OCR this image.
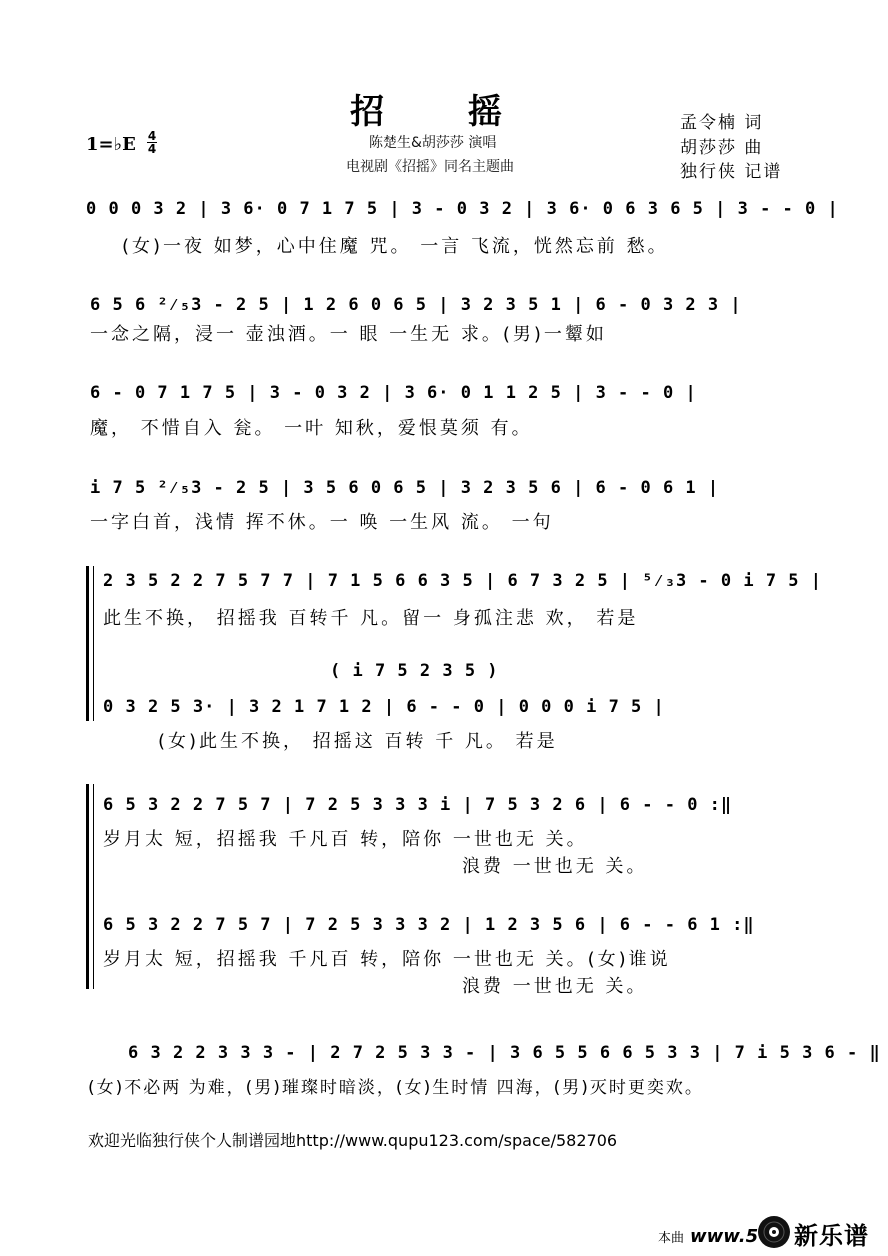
招 摇
陈楚生&胡莎莎 演唱
电视剧《招摇》同名主题曲
孟令楠 词
胡莎莎 曲
独行侠 记谱
1=♭E 4
4
0 0 0 3 2 | 3 6· 0 7 1 7 5 | 3 - 0 3 2 | 3 6· 0 6 3 6 5 | 3 - - 0 |
(女)一夜 如梦，心中住魔 咒。 一言 飞流，恍然忘前 愁。
6 5 6 ²⁄₅3 - 2 5 | 1 2 6 0 6 5 | 3 2 3 5 1 | 6 - 0 3 2 3 |
一念之隔，浸一 壶浊酒。一 眼 一生无 求。(男)一颦如
6 - 0 7 1 7 5 | 3 - 0 3 2 | 3 6· 0 1 1 2 5 | 3 - - 0 |
魔， 不惜自入 瓮。 一叶 知秋，爱恨莫须 有。
i 7 5 ²⁄₅3 - 2 5 | 3 5 6 0 6 5 | 3 2 3 5 6 | 6 - 0 6 1 |
一字白首，浅情 挥不休。一 唤 一生风 流。 一句
2 3 5 2 2 7 5 7 7 | 7 1 5 6 6 3 5 | 6 7 3 2 5 | ⁵⁄₃3 - 0 i 7 5 |
此生不换， 招摇我 百转千 凡。留一 身孤注悲 欢， 若是
( i 7 5 2 3 5 )
0 3 2 5 3· | 3 2 1 7 1 2 | 6 - - 0 | 0 0 0 i 7 5 |
(女)此生不换， 招摇这 百转 千 凡。 若是
6 5 3 2 2 7 5 7 | 7 2 5 3 3 3 i | 7 5 3 2 6 | 6 - - 0 :‖
岁月太 短，招摇我 千凡百 转，陪你 一世也无 关。
浪费 一世也无 关。
6 5 3 2 2 7 5 7 | 7 2 5 3 3 3 2 | 1 2 3 5 6 | 6 - - 6 1 :‖
岁月太 短，招摇我 千凡百 转，陪你 一世也无 关。(女)谁说
浪费 一世也无 关。
6 3 2 2 3 3 3 - | 2 7 2 5 3 3 - | 3 6 5 5 6 6 5 3 3 | 7 i 5 3 6 - ‖
(女)不必两 为难，(男)璀璨时暗淡，(女)生时情 四海，(男)灭时更奕欢。
欢迎光临独行侠个人制谱园地http://www.qupu123.com/space/582706
本曲 www.5 新乐谱
